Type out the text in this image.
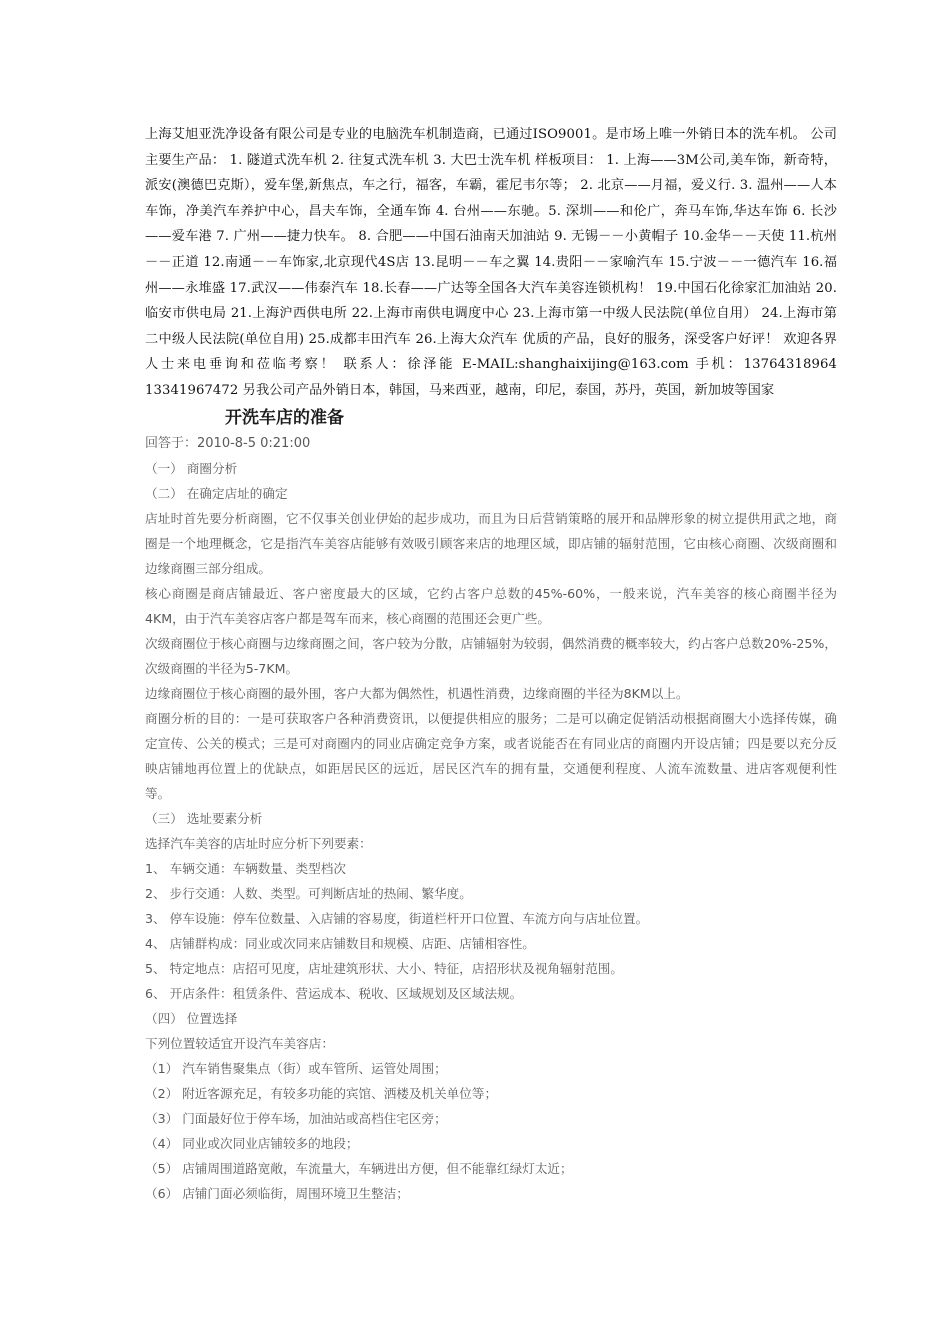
上海艾旭亚洗净设备有限公司是专业的电脑洗车机制造商，已通过ISO9001。是市场上唯一外销日本的洗车机。 公司主要生产品： 1. 隧道式洗车机 2. 往复式洗车机 3. 大巴士洗车机 样板项目： 1. 上海——3M公司,美车饰，新奇特，派安(澳德巴克斯），爱车堡,新焦点，车之行，福客，车霸，霍尼韦尔等； 2. 北京——月福，爱义行. 3. 温州——人本车饰，净美汽车养护中心，昌夫车饰，全通车饰 4. 台州——东驰。5. 深圳——和伦广，奔马车饰,华达车饰 6. 长沙——爱车港 7. 广州——捷力快车。 8. 合肥——中国石油南天加油站 9. 无锡－－小黄帽子 10.金华－－天使 11.杭州－－正道 12.南通－－车饰家,北京现代4S店 13.昆明－－车之翼 14.贵阳－－家喻汽车 15.宁波－－一德汽车 16.福州——永堆盛 17.武汉——伟泰汽车 18.长春——广达等全国各大汽车美容连锁机构！ 19.中国石化徐家汇加油站 20.临安市供电局 21.上海沪西供电所 22.上海市南供电调度中心 23.上海市第一中级人民法院(单位自用） 24.上海市第二中级人民法院(单位自用) 25.成都丰田汽车 26.上海大众汽车 优质的产品，良好的服务，深受客户好评！ 欢迎各界人士来电垂询和莅临考察！ 联系人：徐泽能 E-MAIL:shanghaixijing@163.com 手机：13764318964 13341967472 另我公司产品外销日本，韩国，马来西亚，越南，印尼，泰国，苏丹，英国，新加坡等国家

开洗车店的准备

回答于：2010-8-5 0:21:00

（一） 商圈分析

（二） 在确定店址的确定

店址时首先要分析商圈，它不仅事关创业伊始的起步成功，而且为日后营销策略的展开和品牌形象的树立提供用武之地，商圈是一个地理概念，它是指汽车美容店能够有效吸引顾客来店的地理区域，即店铺的辐射范围，它由核心商圈、次级商圈和边缘商圈三部分组成。

核心商圈是商店铺最近、客户密度最大的区域，它约占客户总数的45%-60%，一般来说，汽车美容的核心商圈半径为4KM，由于汽车美容店客户都是驾车而来，核心商圈的范围还会更广些。

次级商圈位于核心商圈与边缘商圈之间，客户较为分散，店铺辐射为较弱，偶然消费的概率较大，约占客户总数20%-25%，次级商圈的半径为5-7KM。

边缘商圈位于核心商圈的最外围，客户大都为偶然性，机遇性消费，边缘商圈的半径为8KM以上。

商圈分析的目的：一是可获取客户各种消费资讯，以便提供相应的服务；二是可以确定促销活动根据商圈大小选择传媒，确定宣传、公关的模式；三是可对商圈内的同业店确定竞争方案，或者说能否在有同业店的商圈内开设店铺；四是要以充分反映店铺地再位置上的优缺点，如距居民区的远近，居民区汽车的拥有量，交通便利程度、人流车流数量、进店客观便利性等。

（三） 选址要素分析

选择汽车美容的店址时应分析下列要素：

1、 车辆交通：车辆数量、类型档次

2、 步行交通：人数、类型。可判断店址的热闹、繁华度。

3、 停车设施：停车位数量、入店铺的容易度，街道栏杆开口位置、车流方向与店址位置。

4、 店铺群构成：同业或次同来店铺数目和规模、店距、店铺相容性。

5、 特定地点：店招可见度，店址建筑形状、大小、特征，店招形状及视角辐射范围。

6、 开店条件：租赁条件、营运成本、税收、区域规划及区域法规。

（四） 位置选择

下列位置较适宜开设汽车美容店：

（1） 汽车销售聚集点（街）或车管所、运管处周围；

（2） 附近客源充足，有较多功能的宾馆、洒楼及机关单位等；

（3） 门面最好位于停车场，加油站或高档住宅区旁；

（4） 同业或次同业店铺较多的地段；

（5） 店铺周围道路宽敞，车流量大，车辆进出方便，但不能靠红绿灯太近；

（6） 店铺门面必须临街，周围环境卫生整洁；
